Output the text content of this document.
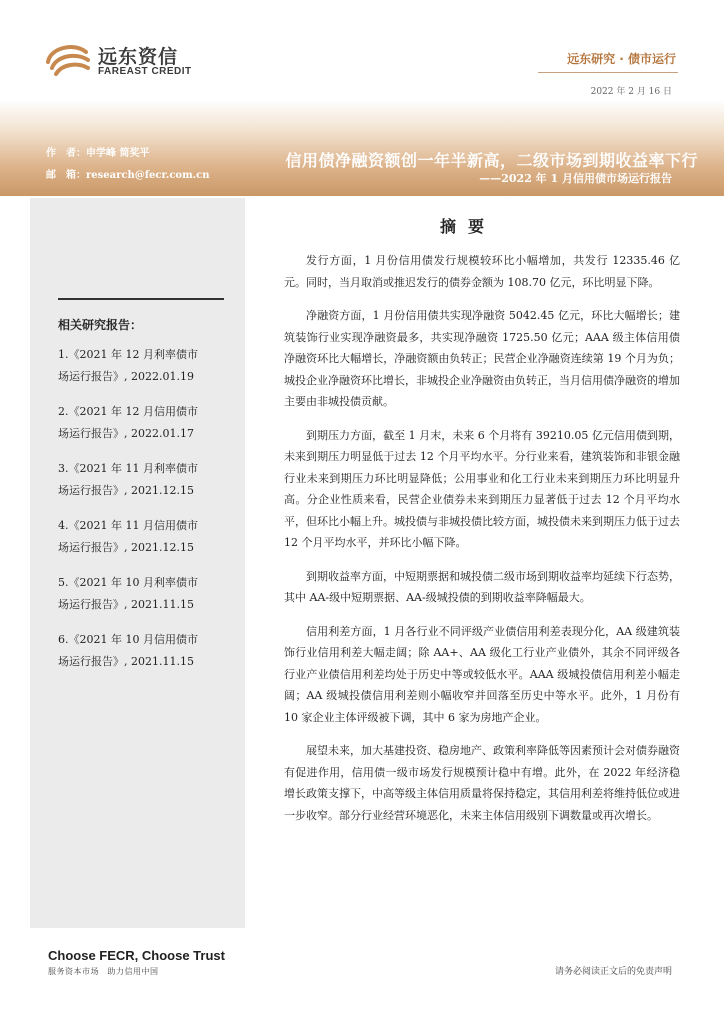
远东资信
FAREAST CREDIT
远东研究 · 债市运行
2022 年 2 月 16 日
作　者：申学峰 简奖平
邮　箱：research@fecr.com.cn
信用债净融资额创一年半新高，二级市场到期收益率下行
——2022 年 1 月信用债市场运行报告
相关研究报告：
1.《2021 年 12 月利率债市
场运行报告》, 2022.01.19
2.《2021 年 12 月信用债市
场运行报告》, 2022.01.17
3.《2021 年 11 月利率债市
场运行报告》, 2021.12.15
4.《2021 年 11 月信用债市
场运行报告》, 2021.12.15
5.《2021 年 10 月利率债市
场运行报告》, 2021.11.15
6.《2021 年 10 月信用债市
场运行报告》, 2021.11.15
摘要

发行方面，1 月份信用债发行规模较环比小幅增加，共发行 12335.46 亿元。同时，当月取消或推迟发行的债券金额为 108.70 亿元，环比明显下降。

净融资方面，1 月份信用债共实现净融资 5042.45 亿元，环比大幅增长；建筑装饰行业实现净融资最多，共实现净融资 1725.50 亿元；AAA 级主体信用债净融资环比大幅增长，净融资额由负转正；民营企业净融资连续第 19 个月为负；城投企业净融资环比增长，非城投企业净融资由负转正，当月信用债净融资的增加主要由非城投债贡献。

到期压力方面，截至 1 月末，未来 6 个月将有 39210.05 亿元信用债到期，未来到期压力明显低于过去 12 个月平均水平。分行业来看，建筑装饰和非银金融行业未来到期压力环比明显降低；公用事业和化工行业未来到期压力环比明显升高。分企业性质来看，民营企业债券未来到期压力显著低于过去 12 个月平均水平，但环比小幅上升。城投债与非城投债比较方面，城投债未来到期压力低于过去 12 个月平均水平，并环比小幅下降。

到期收益率方面，中短期票据和城投债二级市场到期收益率均延续下行态势，其中 AA-级中短期票据、AA-级城投债的到期收益率降幅最大。

信用利差方面，1 月各行业不同评级产业债信用利差表现分化，AA 级建筑装饰行业信用利差大幅走阔；除 AA+、AA 级化工行业产业债外，其余不同评级各行业产业债信用利差均处于历史中等或较低水平。AAA 级城投债信用利差小幅走阔；AA 级城投债信用利差则小幅收窄并回落至历史中等水平。此外，1 月份有 10 家企业主体评级被下调，其中 6 家为房地产企业。

展望未来，加大基建投资、稳房地产、政策利率降低等因素预计会对债券融资有促进作用，信用债一级市场发行规模预计稳中有增。此外，在 2022 年经济稳增长政策支撑下，中高等级主体信用质量将保持稳定，其信用利差将维持低位或进一步收窄。部分行业经营环境恶化，未来主体信用级别下调数量或再次增长。

Choose FECR, Choose Trust
服务资本市场　助力信用中国	请务必阅读正文后的免责声明
